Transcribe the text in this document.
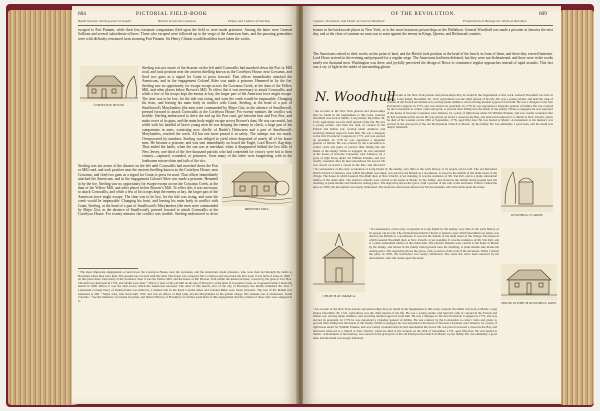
604	PICTORIAL FIELD-BOOK
Battle between Sterling and Cornwallis	Retreat across the Gowanus	Defeat and Capture of Sterling
escaped to Fort Putnam, while their less fortunate companions filed upon the field or were made prisoners. Among the latter were General Sullivan and several subordinate officers. Those who escaped were followed up to the verge of the American lines, and the pursuing grenadiers were with difficulty restrained from storming Fort Putnam. Sir Henry Clinton would doubtless have taken the works.
CORTELYOU HOUSE.
Sterling was not aware of the disaster on the left until Cornwallis had marched down the Port or Mill road, and took position near the ancient dwelling known as the Cortelyou House, near Gowanus, and fired two guns as a signal for Grant to press forward. That officer immediately attacked the Americans, and in the engagement Colonel Atlee was made a prisoner. Hemmed in by the foe, Sterling saw no opportunity for escape except across the Gowanus Creek, at the dam of the Yellow Mill, and other places below Brower's Mill. To effect this it was necessary to attack Cornwallis, and while a few of his troops kept the enemy at bay, the larger part of the American force might escape. The time was to be lost, for the tide was rising, and soon the creek would be impassable. Changing his front, and leaving his main body in conflict with Grant, Sterling, at the head of a part of Smallwood's Marylanders (the men were commanded by Major Gist, in the absence of Smallwood), pressed forward to attack Cornwallis at the Cortelyou House. For twenty minutes the conflict was terrible. Sterling endeavored to drive the earl up the Port road, get between him and Fort Box, and make cover of its guns, and the main body might escape across Brower's dam. He was successful, but while with his handful of brave young men he was keeping the enemy in check, a large part of his companions in arms, consisting now chiefly of Haslet's Delawares and a part of Smallwood's Marylanders, reached the creek. All but one more passed it in safety. The attempt was too much. Overpowered by numbers, Sterling was obliged to yield when despaired of nearly all of his brave men. He became a prisoner, and was sent immediately on board the Eagle, Lord Howe's flag-ship. Thus ended the battle, when the sun was at meridian; when it disappeared behind the low hills of New Jersey, one third of the five thousand patriots who had contended for victory were lost to their country—captured, wounded, or prisoners. Soon many of the latter were languishing with in the loathsome prison-ships and jails of the city.
BROWER'S MILL.
Sterling was not aware of the disaster on the left until Cornwallis had marched down the Port or Mill road, and took position near the ancient dwelling known as the Cortelyou House, near Gowanus, and fired two guns as a signal for Grant to press forward. That officer immediately attacked the Americans, and in the engagement Colonel Atlee was made a prisoner. Hemmed in by the foe, Sterling saw no opportunity for escape except across the Gowanus Creek, at the dam of the Yellow Mill, and other places below Brower's Mill. To effect this it was necessary to attack Cornwallis, and while a few of his troops kept the enemy at bay, the larger part of the American force might escape. The time was to be lost, for the tide was rising, and soon the creek would be impassable. Changing his front, and leaving his main body in conflict with Grant, Sterling, at the head of a part of Smallwood's Marylanders (the men were commanded by Major Gist, in the absence of Smallwood), pressed forward to attack Cornwallis at the Cortelyou House. For twenty minutes the conflict was terrible. Sterling endeavored to drive
¹ The most important engagement occurred near the Cortelyou House, near the Gowanus, and the Americans made prisoners, who were then led through the fields to Brooklyn where they were held. The ground was covered with the slain. The house was owned by Mr. Cortelyou and stood near the Port road; it was built of stone in 1699. ² At this place there were many of the wounded. Near it was the Yellow Mill, and the house of Mr. Brower, both within the American lines, covered by the guns of Fort Box. The mill was destroyed in 1776, and rebuilt soon after. ³ This is a view of the old mill on the site of Brower's, at the head of Gowanus Creek, as it appeared when I made the sketch in 1850. Below it was the dam across which the Americans retreated. The artist of this sketch, now of the city of Brooklyn, has kindly furnished the view. ⁴ Lieutenant Colonel Parry of Pennsylvania was killed by a musket ball in the head; Colonel Atlee and Colonel Miles were made prisoners. The loss of the British was estimated at 400. ⁵ Major Gist, who lived until 1792, and was an officer of high rank, led the Marylanders in the gallant charge. His remains rest at Charleston, South Carolina. ⁶ See the Memoirs of Colonel Graydon, and Stiles's History of Brooklyn, for further particulars of this engagement and the conduct of those who were engaged in it.
OF THE REVOLUTION.	609
Capture, Treatment, and Death of General Woodhull	Preparations to Besiege the Works at Brooklyn
houses in the backwoods places in New York, or to the more luxurious prison-ships at the Wallabout. General Woodhull was made a prisoner at Jamaica the next day, and at the close of summer no man was to arms against the enemy in Kings, Queens, and Richmond counties.
The Americans retired to their works on the point of land, and the British took position at the head of the beach, in front of them, and there they erected batteries. Lord Howe arrived in the evening and prepared for a regular siege. The Americans had been defeated, but they were not disheartened, and there were in the works nearly ten thousand men. Washington was there, and joyfully perceived the design of Howe to commence regular approaches instead of rapid assaults. This fact was a ray of light in the midst of surrounding gloom.
N. Woodhull
¹ An account of the New York prisons and prison-ships may be found in the Supplement to this work. General Woodhull was born at Mastic, Long Island, December 30, 1722. Agriculture was the chief pursuit of his life. He was a young soldier, and held the rank of colonel in the French and Indian war, serving under Amherst, and receiving marked approval from him. He was a delegate to the first Provincial Congress in 1775, and was elected its president. In 1776 he was appointed a brigadier general of militia. He was ordered by the Convention to collect cattle and grain, to prevent their falling into the hands of the enemy. While so engaged, he was surprised at the house of Increase Carpenter, near Jamaica, by a party of light horse under Sir William Erskine, and was cruelly wounded after he had surrendered his sword. He was placed on board a vessel in the Bay, and afterward removed to a church at New Utrecht, where he died of his wounds on the 20th of September, 1776, aged fifty-four. He was buried at Mastic. A monument to his memory was erected in the graveyard of the old Presbyterian Church at Mastic, by his family. He was eminently a good man, and his death was deeply lamented.
¹ An account of the New York prisons and prison-ships may be found in the Supplement to this work. General Woodhull was born at Mastic, Long Island, December 30, 1722. Agriculture was the chief pursuit of his life. He was a young soldier, and held the rank of colonel in the French and Indian war, serving under Amherst, and receiving marked approval from him. He was a delegate to the first Provincial Congress in 1775, and was elected its president. In 1776 he was appointed a brigadier general of militia. He was ordered by the Convention to collect cattle and grain, to prevent their falling into the hands of the enemy. While so engaged, he was surprised at the house of Increase Carpenter, near Jamaica, by a party of light horse under Sir William Erskine, and was cruelly wounded after he had surrendered his sword. He was placed on board a vessel in the Bay, and afterward
WOODHULL'S GRAVE.
¹ In consequence of the early occupation of Long Island by the enemy, very little of the early history of its people can be told. The old Reformed Dutch Church at Jamaica, near which Woodhull was taken, was used by the British as a storehouse. It stood in the middle of the main street of the village. The house in which General Woodhull died, at New Utrecht, is yet standing. It was the residence of Mr. Van Pelt, and is a plain, substantial edifice of the olden time. The patriot's remains were carried to his home at Mastic by his family, and buried in the family burial-ground near his dwelling. A plain marble slab marks his resting-place. The engraving shows the grave, with a portion of the wall of the enclosure. When I visited the place in 1850, the inscription was nearly obliterated. The stone has since been renewed by his descendants, who still reside upon the estate.
CHURCH AT JAMAICA.
¹ In consequence of the early occupation of Long Island by the enemy, very little of the early history of its people can be told. The old Reformed Dutch Church at Jamaica, near which Woodhull was taken, was used by the British as a storehouse. It stood in the middle of the main street of the village. The house in which General Woodhull died, at New Utrecht, is yet standing. It was the residence of Mr. Van Pelt, and is a plain, substantial edifice of the olden time. The patriot's remains were carried to his home at Mastic by his family, and buried in the family burial-ground near his dwelling. A plain marble slab marks his resting-place. The engraving shows the grave, with a portion of the wall of the enclosure. When I visited the place in 1850, the inscription was nearly obliterated. The stone has since been renewed by his descendants, who still reside upon the estate.
HOUSE IN WHICH WOODHULL DIED.
¹ An account of the New York prisons and prison-ships may be found in the Supplement to this work. General Woodhull was born at Mastic, Long Island, December 30, 1722. Agriculture was the chief pursuit of his life. He was a young soldier, and held the rank of colonel in the French and Indian war, serving under Amherst, and receiving marked approval from him. He was a delegate to the first Provincial Congress in 1775, and was elected its president. In 1776 he was appointed a brigadier general of militia. He was ordered by the Convention to collect cattle and grain, to prevent their falling into the hands of the enemy. While so engaged, he was surprised at the house of Increase Carpenter, near Jamaica, by a party of light horse under Sir William Erskine, and was cruelly wounded after he had surrendered his sword. He was placed on board a vessel in the Bay, and afterward removed to a church at New Utrecht, where he died of his wounds on the 20th of September, 1776, aged fifty-four. He was buried at Mastic. A monument to his memory was erected in the graveyard of the old Presbyterian Church at Mastic, by his family. He was eminently a good man, and his death was deeply lamented.
